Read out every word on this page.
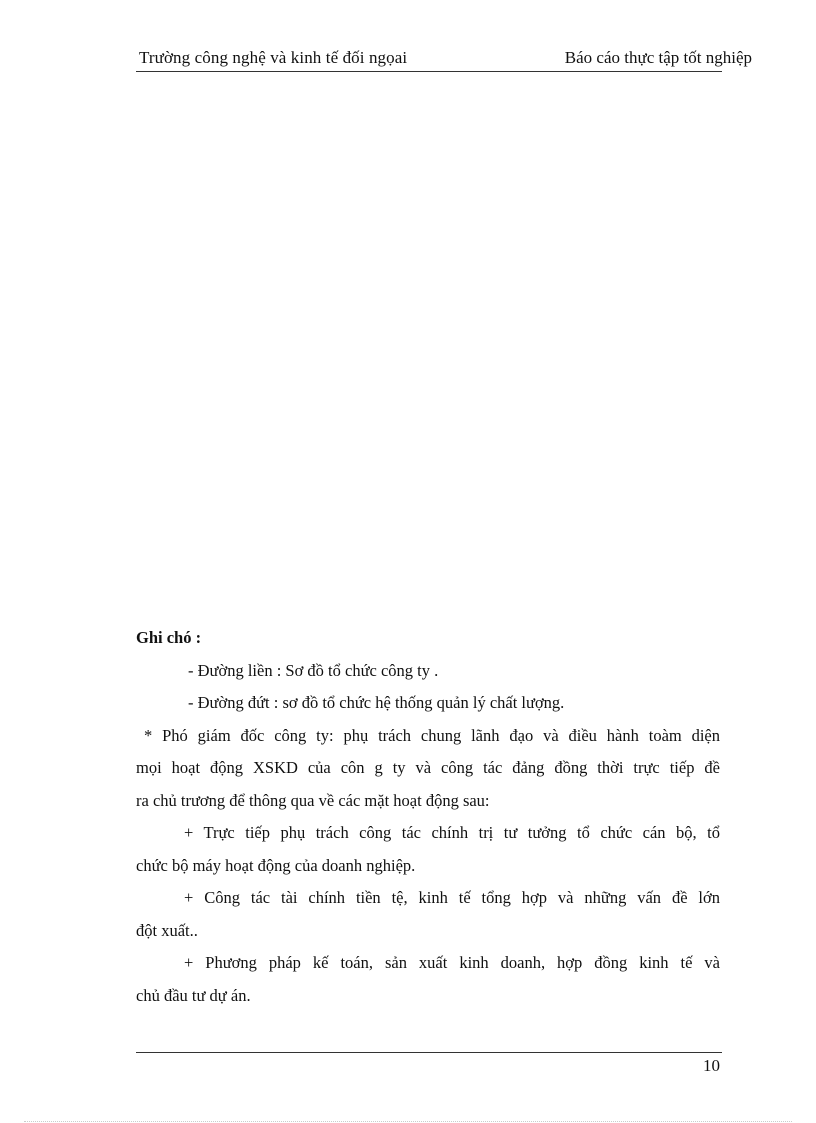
Trường công nghệ và kinh tế đối ngọai	Báo cáo thực tập tốt nghiệp

Ghi chó :

- Đường liền : Sơ đồ tổ chức công ty .

- Đường đứt : sơ đồ tổ chức hệ thống quản lý chất lượng.

* Phó giám đốc công ty: phụ trách chung lãnh đạo và điều hành toàm diện

mọi hoạt động XSKD của côn g ty và công tác đảng đồng thời trực tiếp đề

ra chủ trương để thông qua về các mặt hoạt động sau:

+ Trực tiếp phụ trách công tác chính trị tư tưởng tổ chức cán bộ, tổ

chức bộ máy hoạt động của doanh nghiệp.

+ Công tác tài chính tiền tệ, kinh tế tổng hợp và những vấn đề lớn

đột xuất..

+ Phương pháp kế toán, sản xuất kinh doanh, hợp đồng kinh tế và

chủ đầu tư dự án.

10
